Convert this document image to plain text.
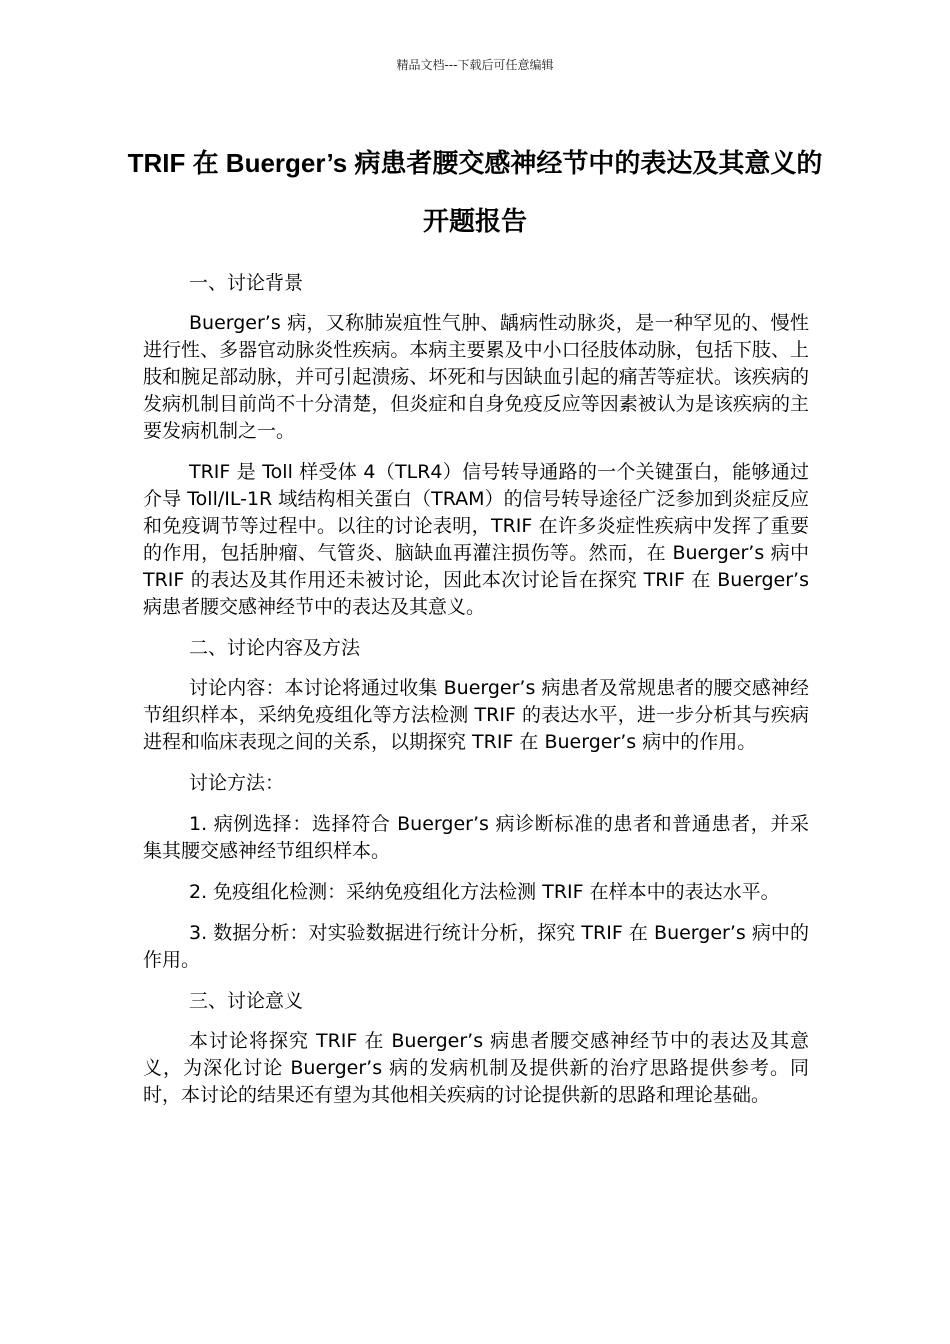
精品文档---下载后可任意编辑
TRIF 在 Buerger’s 病患者腰交感神经节中的表达及其意义的开题报告

一、讨论背景

Buerger’s 病，又称肺炭疽性气肿、龋病性动脉炎，是一种罕见的、慢性进行性、多器官动脉炎性疾病。本病主要累及中小口径肢体动脉，包括下肢、上肢和腕足部动脉，并可引起溃疡、坏死和与因缺血引起的痛苦等症状。该疾病的发病机制目前尚不十分清楚，但炎症和自身免疫反应等因素被认为是该疾病的主要发病机制之一。

TRIF 是 Toll 样受体 4（TLR4）信号转导通路的一个关键蛋白，能够通过介导 Toll/IL-1R 域结构相关蛋白（TRAM）的信号转导途径广泛参加到炎症反应和免疫调节等过程中。以往的讨论表明，TRIF 在许多炎症性疾病中发挥了重要的作用，包括肿瘤、气管炎、脑缺血再灌注损伤等。然而，在 Buerger’s 病中 TRIF 的表达及其作用还未被讨论，因此本次讨论旨在探究 TRIF 在 Buerger’s 病患者腰交感神经节中的表达及其意义。

二、讨论内容及方法

讨论内容：本讨论将通过收集 Buerger’s 病患者及常规患者的腰交感神经节组织样本，采纳免疫组化等方法检测 TRIF 的表达水平，进一步分析其与疾病进程和临床表现之间的关系，以期探究 TRIF 在 Buerger’s 病中的作用。

讨论方法：

1. 病例选择：选择符合 Buerger’s 病诊断标准的患者和普通患者，并采集其腰交感神经节组织样本。

2. 免疫组化检测：采纳免疫组化方法检测 TRIF 在样本中的表达水平。

3. 数据分析：对实验数据进行统计分析，探究 TRIF 在 Buerger’s 病中的作用。

三、讨论意义

本讨论将探究 TRIF 在 Buerger’s 病患者腰交感神经节中的表达及其意义，为深化讨论 Buerger’s 病的发病机制及提供新的治疗思路提供参考。同时，本讨论的结果还有望为其他相关疾病的讨论提供新的思路和理论基础。
